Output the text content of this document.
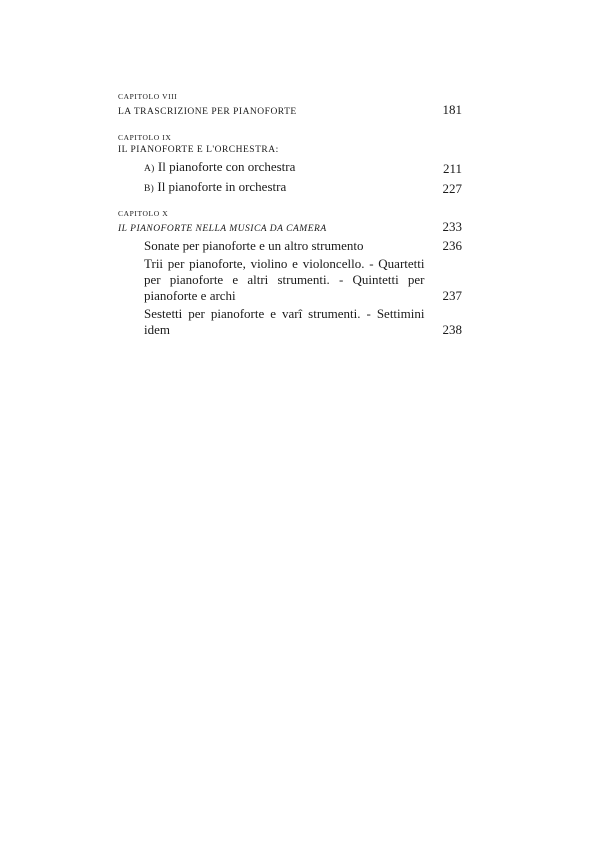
CAPITOLO VIII
LA TRASCRIZIONE PER PIANOFORTE	181
CAPITOLO IX
IL PIANOFORTE E L'ORCHESTRA:
A) Il pianoforte con orchestra	211
B) Il pianoforte in orchestra	227
CAPITOLO X
IL PIANOFORTE NELLA MUSICA DA CAMERA	233
Sonate per pianoforte e un altro strumento	236
Trii per pianoforte, violino e violoncello. - Quartetti per pianoforte e altri strumenti. - Quintetti per pianoforte e archi	237
Sestetti per pianoforte e varî strumenti. - Settimini idem	238
